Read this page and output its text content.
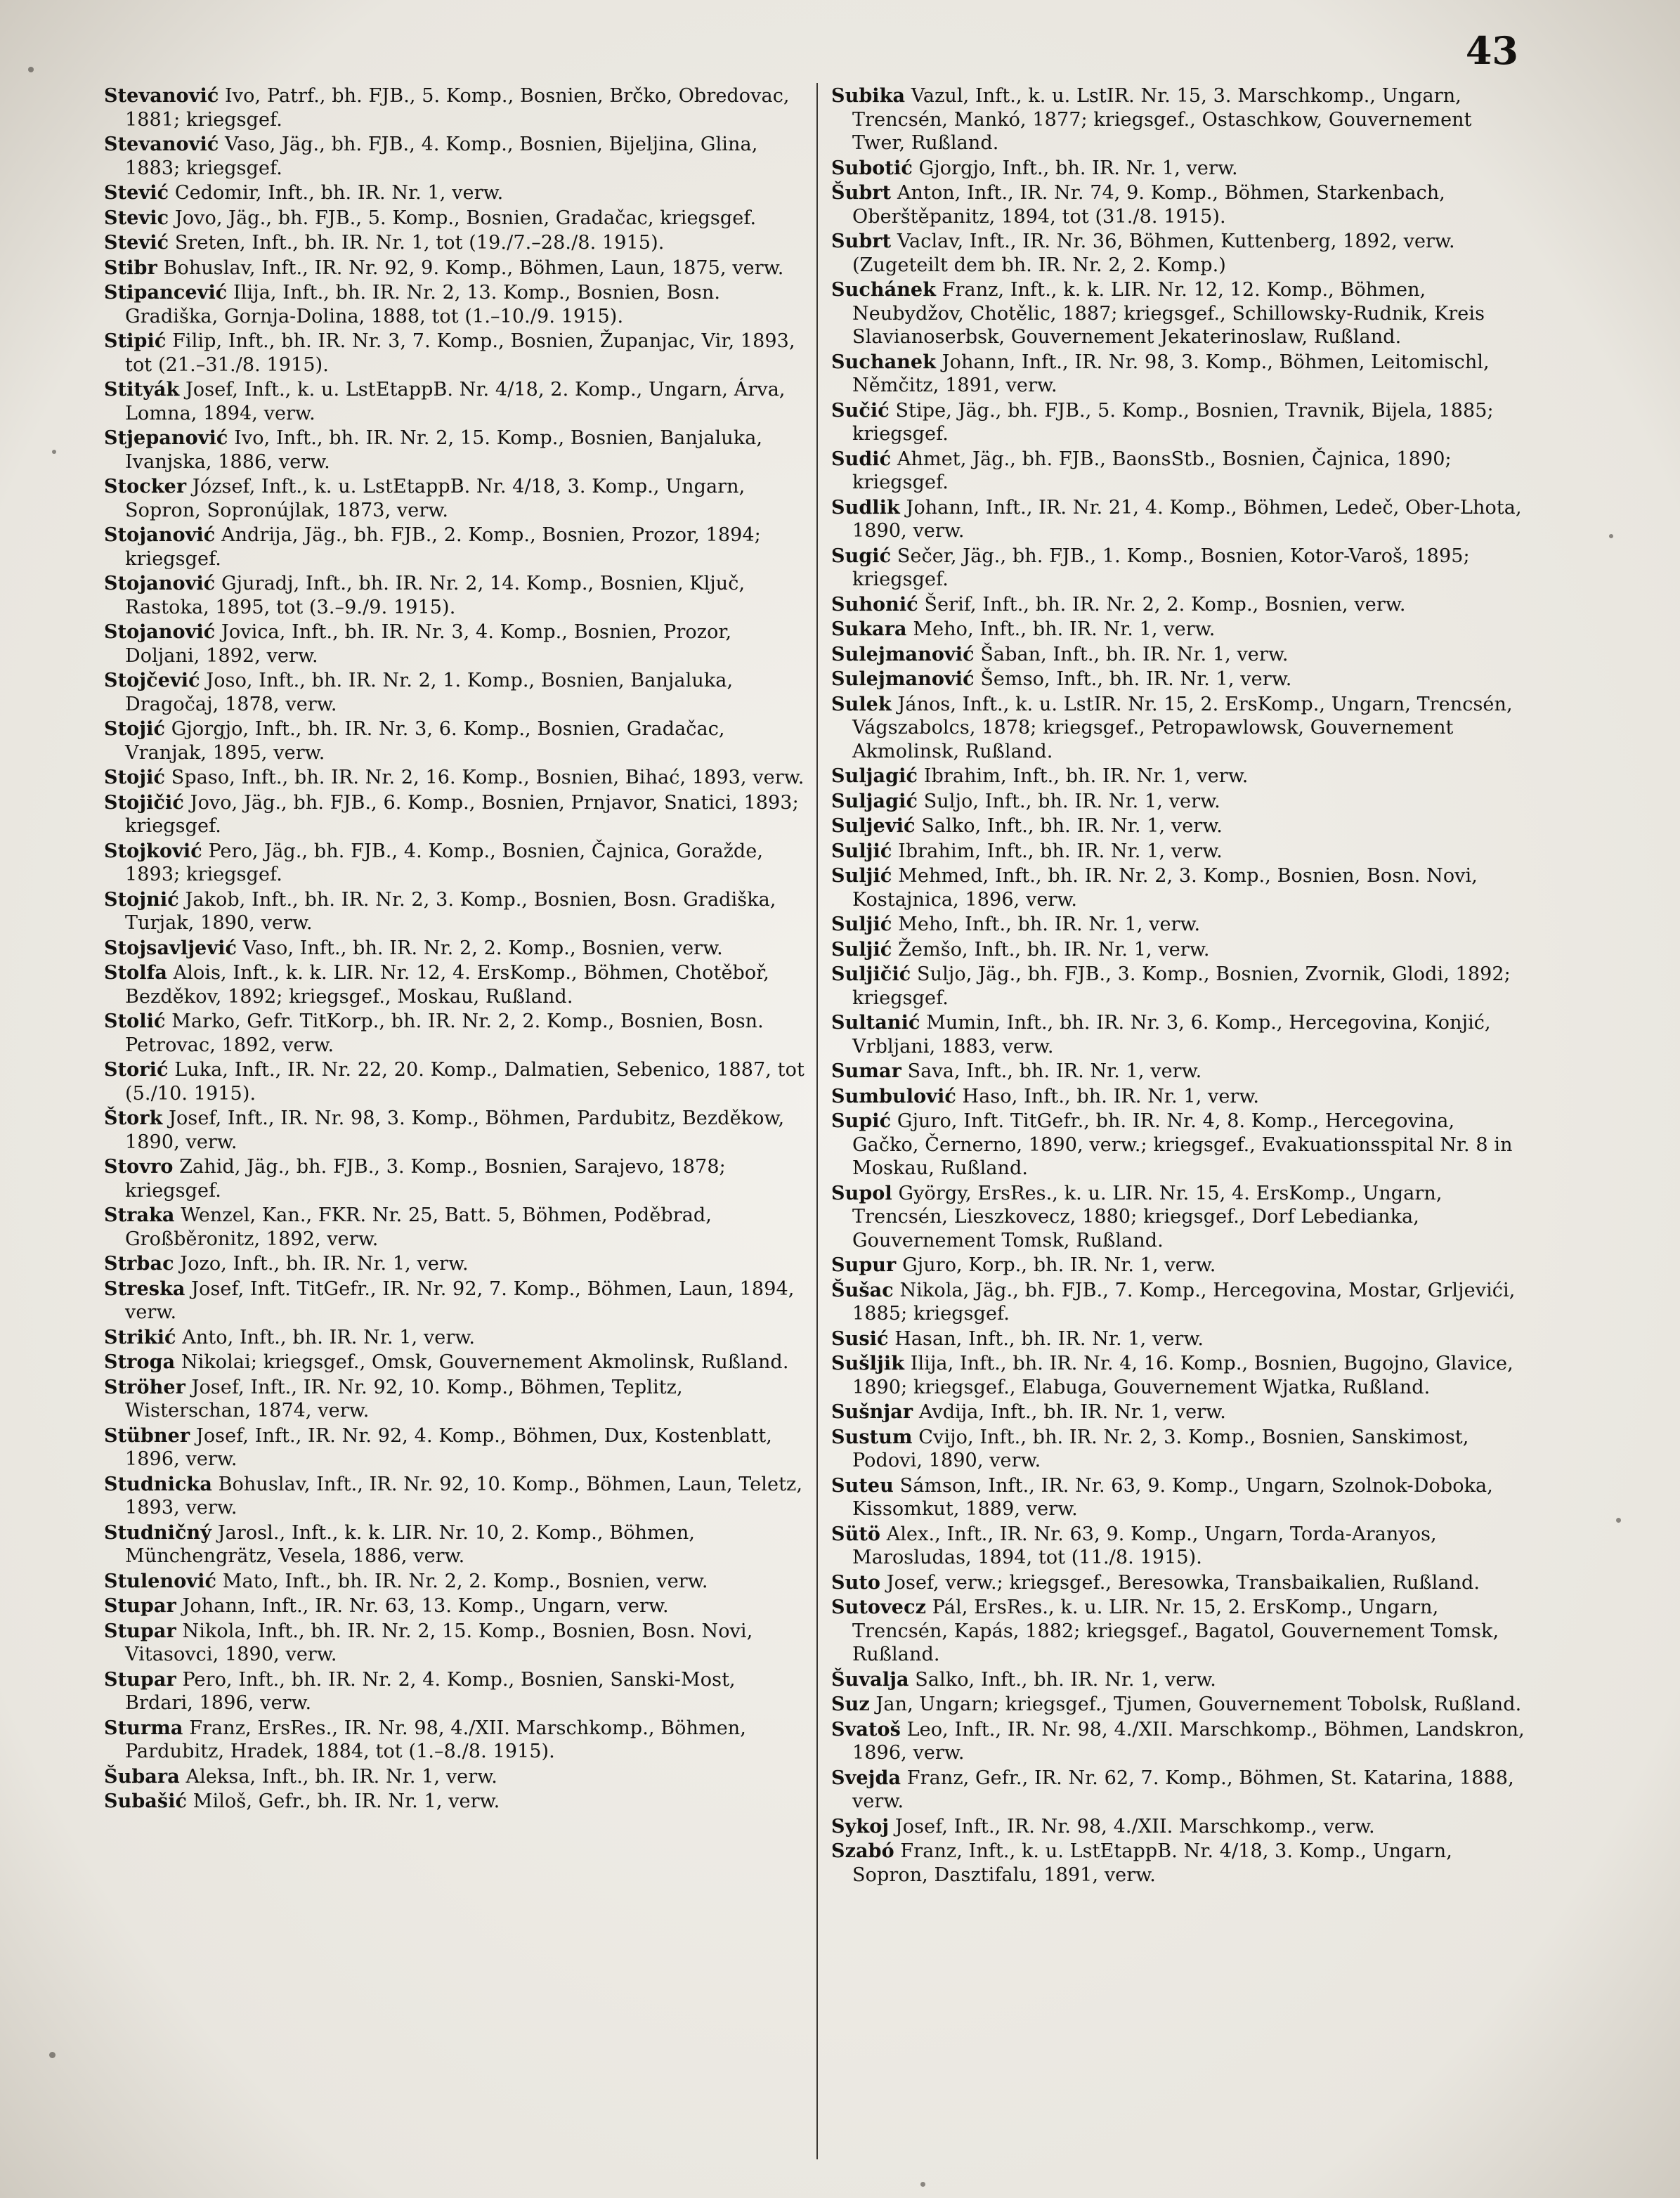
43

Stevanović Ivo, Patrf., bh. FJB., 5. Komp., Bosnien, Brčko, Obredovac, 1881; kriegsgef.

Stevanović Vaso, Jäg., bh. FJB., 4. Komp., Bosnien, Bijeljina, Glina, 1883; kriegsgef.

Stević Cedomir, Inft., bh. IR. Nr. 1, verw.

Stevic Jovo, Jäg., bh. FJB., 5. Komp., Bosnien, Gradačac, kriegsgef.

Stević Sreten, Inft., bh. IR. Nr. 1, tot (19./7.–28./8. 1915).

Stibr Bohuslav, Inft., IR. Nr. 92, 9. Komp., Böhmen, Laun, 1875, verw.

Stipancević Ilija, Inft., bh. IR. Nr. 2, 13. Komp., Bosnien, Bosn. Gradiška, Gornja-Dolina, 1888, tot (1.–10./9. 1915).

Stipić Filip, Inft., bh. IR. Nr. 3, 7. Komp., Bosnien, Županjac, Vir, 1893, tot (21.–31./8. 1915).

Stityák Josef, Inft., k. u. LstEtappB. Nr. 4/18, 2. Komp., Ungarn, Árva, Lomna, 1894, verw.

Stjepanović Ivo, Inft., bh. IR. Nr. 2, 15. Komp., Bosnien, Banjaluka, Ivanjska, 1886, verw.

Stocker József, Inft., k. u. LstEtappB. Nr. 4/18, 3. Komp., Ungarn, Sopron, Sopronújlak, 1873, verw.

Stojanović Andrija, Jäg., bh. FJB., 2. Komp., Bosnien, Prozor, 1894; kriegsgef.

Stojanović Gjuradj, Inft., bh. IR. Nr. 2, 14. Komp., Bosnien, Ključ, Rastoka, 1895, tot (3.–9./9. 1915).

Stojanović Jovica, Inft., bh. IR. Nr. 3, 4. Komp., Bosnien, Prozor, Doljani, 1892, verw.

Stojčević Joso, Inft., bh. IR. Nr. 2, 1. Komp., Bosnien, Banjaluka, Dragočaj, 1878, verw.

Stojić Gjorgjo, Inft., bh. IR. Nr. 3, 6. Komp., Bosnien, Gradačac, Vranjak, 1895, verw.

Stojić Spaso, Inft., bh. IR. Nr. 2, 16. Komp., Bosnien, Bihać, 1893, verw.

Stojičić Jovo, Jäg., bh. FJB., 6. Komp., Bosnien, Prnjavor, Snatici, 1893; kriegsgef.

Stojković Pero, Jäg., bh. FJB., 4. Komp., Bosnien, Čajnica, Goražde, 1893; kriegsgef.

Stojnić Jakob, Inft., bh. IR. Nr. 2, 3. Komp., Bosnien, Bosn. Gradiška, Turjak, 1890, verw.

Stojsavljević Vaso, Inft., bh. IR. Nr. 2, 2. Komp., Bosnien, verw.

Stolfa Alois, Inft., k. k. LIR. Nr. 12, 4. ErsKomp., Böhmen, Chotěboř, Bezděkov, 1892; kriegsgef., Moskau, Rußland.

Stolić Marko, Gefr. TitKorp., bh. IR. Nr. 2, 2. Komp., Bosnien, Bosn. Petrovac, 1892, verw.

Storić Luka, Inft., IR. Nr. 22, 20. Komp., Dalmatien, Sebenico, 1887, tot (5./10. 1915).

Štork Josef, Inft., IR. Nr. 98, 3. Komp., Böhmen, Pardubitz, Bezděkow, 1890, verw.

Stovro Zahid, Jäg., bh. FJB., 3. Komp., Bosnien, Sarajevo, 1878; kriegsgef.

Straka Wenzel, Kan., FKR. Nr. 25, Batt. 5, Böhmen, Poděbrad, Großběronitz, 1892, verw.

Strbac Jozo, Inft., bh. IR. Nr. 1, verw.

Streska Josef, Inft. TitGefr., IR. Nr. 92, 7. Komp., Böhmen, Laun, 1894, verw.

Strikić Anto, Inft., bh. IR. Nr. 1, verw.

Stroga Nikolai; kriegsgef., Omsk, Gouvernement Akmolinsk, Rußland.

Ströher Josef, Inft., IR. Nr. 92, 10. Komp., Böhmen, Teplitz, Wisterschan, 1874, verw.

Stübner Josef, Inft., IR. Nr. 92, 4. Komp., Böhmen, Dux, Kostenblatt, 1896, verw.

Studnicka Bohuslav, Inft., IR. Nr. 92, 10. Komp., Böhmen, Laun, Teletz, 1893, verw.

Studničný Jarosl., Inft., k. k. LIR. Nr. 10, 2. Komp., Böhmen, Münchengrätz, Vesela, 1886, verw.

Stulenović Mato, Inft., bh. IR. Nr. 2, 2. Komp., Bosnien, verw.

Stupar Johann, Inft., IR. Nr. 63, 13. Komp., Ungarn, verw.

Stupar Nikola, Inft., bh. IR. Nr. 2, 15. Komp., Bosnien, Bosn. Novi, Vitasovci, 1890, verw.

Stupar Pero, Inft., bh. IR. Nr. 2, 4. Komp., Bosnien, Sanski-Most, Brdari, 1896, verw.

Sturma Franz, ErsRes., IR. Nr. 98, 4./XII. Marschkomp., Böhmen, Pardubitz, Hradek, 1884, tot (1.–8./8. 1915).

Šubara Aleksa, Inft., bh. IR. Nr. 1, verw.

Subašić Miloš, Gefr., bh. IR. Nr. 1, verw.

Subika Vazul, Inft., k. u. LstIR. Nr. 15, 3. Marschkomp., Ungarn, Trencsén, Mankó, 1877; kriegsgef., Ostaschkow, Gouvernement Twer, Rußland.

Subotić Gjorgjo, Inft., bh. IR. Nr. 1, verw.

Šubrt Anton, Inft., IR. Nr. 74, 9. Komp., Böhmen, Starkenbach, Oberštěpanitz, 1894, tot (31./8. 1915).

Subrt Vaclav, Inft., IR. Nr. 36, Böhmen, Kuttenberg, 1892, verw. (Zugeteilt dem bh. IR. Nr. 2, 2. Komp.)

Suchánek Franz, Inft., k. k. LIR. Nr. 12, 12. Komp., Böhmen, Neubydžov, Chotělic, 1887; kriegsgef., Schillowsky-Rudnik, Kreis Slavianoserbsk, Gouvernement Jekaterinoslaw, Rußland.

Suchanek Johann, Inft., IR. Nr. 98, 3. Komp., Böhmen, Leitomischl, Němčitz, 1891, verw.

Sučić Stipe, Jäg., bh. FJB., 5. Komp., Bosnien, Travnik, Bijela, 1885; kriegsgef.

Sudić Ahmet, Jäg., bh. FJB., BaonsStb., Bosnien, Čajnica, 1890; kriegsgef.

Sudlik Johann, Inft., IR. Nr. 21, 4. Komp., Böhmen, Ledeč, Ober-Lhota, 1890, verw.

Sugić Sečer, Jäg., bh. FJB., 1. Komp., Bosnien, Kotor-Varoš, 1895; kriegsgef.

Suhonić Šerif, Inft., bh. IR. Nr. 2, 2. Komp., Bosnien, verw.

Sukara Meho, Inft., bh. IR. Nr. 1, verw.

Sulejmanović Šaban, Inft., bh. IR. Nr. 1, verw.

Sulejmanović Šemso, Inft., bh. IR. Nr. 1, verw.

Sulek János, Inft., k. u. LstIR. Nr. 15, 2. ErsKomp., Ungarn, Trencsén, Vágszabolcs, 1878; kriegsgef., Petropawlowsk, Gouvernement Akmolinsk, Rußland.

Suljagić Ibrahim, Inft., bh. IR. Nr. 1, verw.

Suljagić Suljo, Inft., bh. IR. Nr. 1, verw.

Suljević Salko, Inft., bh. IR. Nr. 1, verw.

Suljić Ibrahim, Inft., bh. IR. Nr. 1, verw.

Suljić Mehmed, Inft., bh. IR. Nr. 2, 3. Komp., Bosnien, Bosn. Novi, Kostajnica, 1896, verw.

Suljić Meho, Inft., bh. IR. Nr. 1, verw.

Suljić Žemšo, Inft., bh. IR. Nr. 1, verw.

Suljičić Suljo, Jäg., bh. FJB., 3. Komp., Bosnien, Zvornik, Glodi, 1892; kriegsgef.

Sultanić Mumin, Inft., bh. IR. Nr. 3, 6. Komp., Hercegovina, Konjić, Vrbljani, 1883, verw.

Sumar Sava, Inft., bh. IR. Nr. 1, verw.

Sumbulović Haso, Inft., bh. IR. Nr. 1, verw.

Supić Gjuro, Inft. TitGefr., bh. IR. Nr. 4, 8. Komp., Hercegovina, Gačko, Černerno, 1890, verw.; kriegsgef., Evakuationsspital Nr. 8 in Moskau, Rußland.

Supol György, ErsRes., k. u. LIR. Nr. 15, 4. ErsKomp., Ungarn, Trencsén, Lieszkovecz, 1880; kriegsgef., Dorf Lebedianka, Gouvernement Tomsk, Rußland.

Supur Gjuro, Korp., bh. IR. Nr. 1, verw.

Šušac Nikola, Jäg., bh. FJB., 7. Komp., Hercegovina, Mostar, Grljevići, 1885; kriegsgef.

Susić Hasan, Inft., bh. IR. Nr. 1, verw.

Sušljik Ilija, Inft., bh. IR. Nr. 4, 16. Komp., Bosnien, Bugojno, Glavice, 1890; kriegsgef., Elabuga, Gouvernement Wjatka, Rußland.

Sušnjar Avdija, Inft., bh. IR. Nr. 1, verw.

Sustum Cvijo, Inft., bh. IR. Nr. 2, 3. Komp., Bosnien, Sanskimost, Podovi, 1890, verw.

Suteu Sámson, Inft., IR. Nr. 63, 9. Komp., Ungarn, Szolnok-Doboka, Kissomkut, 1889, verw.

Sütö Alex., Inft., IR. Nr. 63, 9. Komp., Ungarn, Torda-Aranyos, Marosludas, 1894, tot (11./8. 1915).

Suto Josef, verw.; kriegsgef., Beresowka, Transbaikalien, Rußland.

Sutovecz Pál, ErsRes., k. u. LIR. Nr. 15, 2. ErsKomp., Ungarn, Trencsén, Kapás, 1882; kriegsgef., Bagatol, Gouvernement Tomsk, Rußland.

Šuvalja Salko, Inft., bh. IR. Nr. 1, verw.

Suz Jan, Ungarn; kriegsgef., Tjumen, Gouvernement Tobolsk, Rußland.

Svatoš Leo, Inft., IR. Nr. 98, 4./XII. Marschkomp., Böhmen, Landskron, 1896, verw.

Svejda Franz, Gefr., IR. Nr. 62, 7. Komp., Böhmen, St. Katarina, 1888, verw.

Sykoj Josef, Inft., IR. Nr. 98, 4./XII. Marschkomp., verw.

Szabó Franz, Inft., k. u. LstEtappB. Nr. 4/18, 3. Komp., Ungarn, Sopron, Dasztifalu, 1891, verw.
